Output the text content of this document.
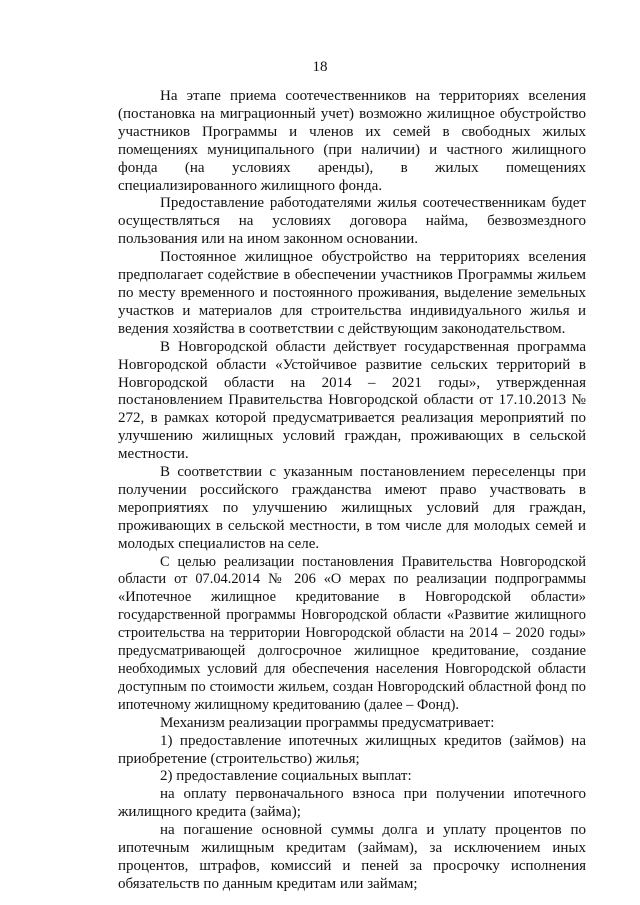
18

На этапе приема соотечественников на территориях вселения (постановка на миграционный учет) возможно жилищное обустройство участников Программы и членов их семей в свободных жилых помещениях муниципального (при наличии) и частного жилищного фонда (на условиях аренды), в жилых помещениях специализированного жилищного фонда.

Предоставление работодателями жилья соотечественникам будет осуществляться на условиях договора найма, безвозмездного пользования или на ином законном основании.

Постоянное жилищное обустройство на территориях вселения предполагает содействие в обеспечении участников Программы жильем по месту временного и постоянного проживания, выделение земельных участков и материалов для строительства индивидуального жилья и ведения хозяйства в соответствии с действующим законодательством.

В Новгородской области действует государственная программа Новгородской области «Устойчивое развитие сельских территорий в Новгородской области на 2014 – 2021 годы», утвержденная постановлением Правительства Новгородской области от 17.10.2013 № 272, в рамках которой предусматривается реализация мероприятий по улучшению жилищных условий граждан, проживающих в сельской местности.

В соответствии с указанным постановлением переселенцы при получении российского гражданства имеют право участвовать в мероприятиях по улучшению жилищных условий для граждан, проживающих в сельской местности, в том числе для молодых семей и молодых специалистов на селе.

С целью реализации постановления Правительства Новгородской области от 07.04.2014 № 206 «О мерах по реализации подпрограммы «Ипотечное жилищное кредитование в Новгородской области» государственной программы Новгородской области «Развитие жилищного строительства на территории Новгородской области на 2014 – 2020 годы» предусматривающей долгосрочное жилищное кредитование, создание необходимых условий для обеспечения населения Новгородской области доступным по стоимости жильем, создан Новгородский областной фонд по ипотечному жилищному кредитованию (далее – Фонд).

Механизм реализации программы предусматривает:

1) предоставление ипотечных жилищных кредитов (займов) на приобретение (строительство) жилья;

2) предоставление социальных выплат:

на оплату первоначального взноса при получении ипотечного жилищного кредита (займа);

на погашение основной суммы долга и уплату процентов по ипотечным жилищным кредитам (займам), за исключением иных процентов, штрафов, комиссий и пеней за просрочку исполнения обязательств по данным кредитам или займам;
